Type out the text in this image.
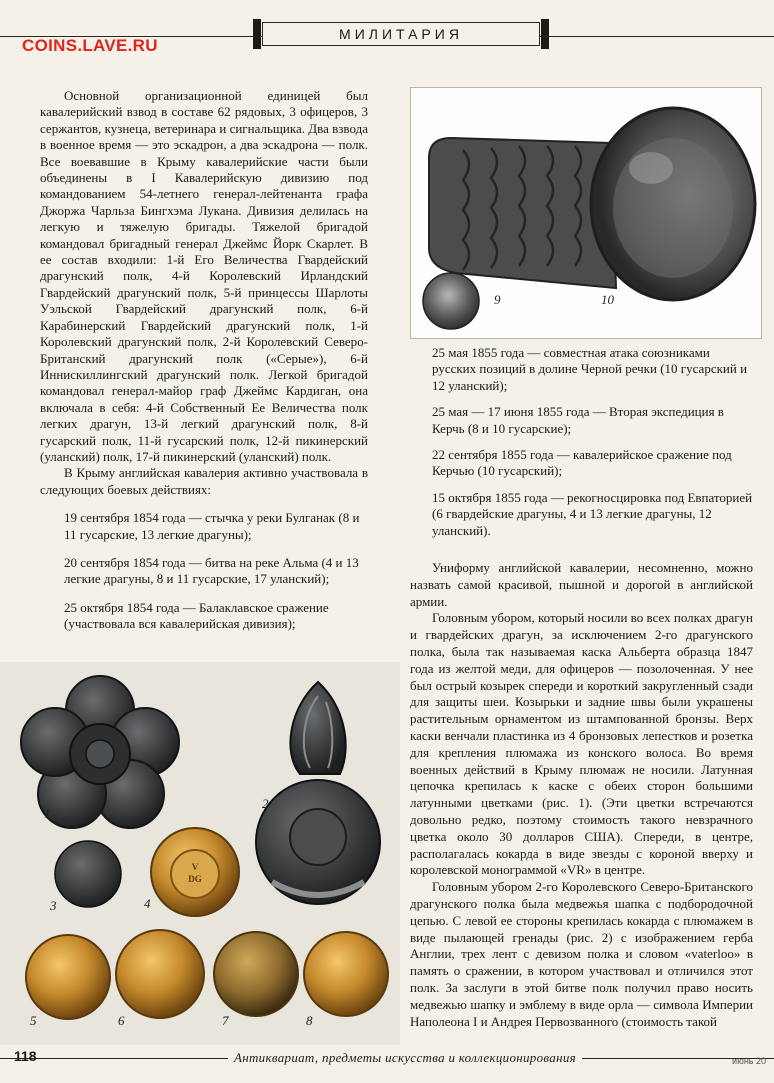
COINS.LAVE.RU
МИЛИТАРИЯ

Основной организационной единицей был кавалерийский взвод в составе 62 рядовых, 3 офицеров, 3 сержантов, кузнеца, ветеринара и сигнальщика. Два взвода в военное время — это эскадрон, а два эскадрона — полк. Все воевавшие в Крыму кавалерийские части были объединены в I Кавалерийскую дивизию под командованием 54-летнего генерал-лейтенанта графа Джоржа Чарльза Бингхэма Лукана. Дивизия делилась на легкую и тяжелую бригады. Тяжелой бригадой командовал бригадный генерал Джеймс Йорк Скарлет. В ее состав входили: 1-й Его Величества Гвардейский драгунский полк, 4-й Королевский Ирландский Гвардейский драгунский полк, 5-й принцессы Шарлоты Уэльской Гвардейский драгунский полк, 6-й Карабинерский Гвардейский драгунский полк, 1-й Королевский драгунский полк, 2-й Королевский Северо-Британский драгунский полк («Серые»), 6-й Иннискиллингский драгунский полк. Легкой бригадой командовал генерал-майор граф Джеймс Кардиган, она включала в себя: 4-й Собственный Ее Величества полк легких драгун, 13-й легкий драгунский полк, 8-й гусарский полк, 11-й гусарский полк, 12-й пикинерский (уланский) полк, 17-й пикинерский (уланский) полк.

В Крыму английская кавалерия активно участвовала в следующих боевых действиях:

19 сентября 1854 года — стычка у реки Булганак (8 и 11 гусарские, 13 легкие драгуны);

20 сентября 1854 года — битва на реке Альма (4 и 13 легкие драгуны, 8 и 11 гусарские, 17 уланский);

25 октября 1854 года — Балаклавское сражение (участвовала вся кавалерийская дивизия);

9	10

25 мая 1855 года — совместная атака союзниками русских позиций в долине Черной речки (10 гусарский и 12 уланский);

25 мая — 17 июня 1855 года — Вторая экспедиция в Керчь (8 и 10 гусарские);

22 сентября 1855 года — кавалерийское сражение под Керчью (10 гусарский);

15 октября 1855 года — рекогносцировка под Евпаторией (6 гвардейские драгуны, 4 и 13 легкие драгуны, 12 уланский).

Униформу английской кавалерии, несомненно, можно назвать самой красивой, пышной и дорогой в английской армии.

Головным убором, который носили во всех полках драгун и гвардейских драгун, за исключением 2-го драгунского полка, была так называемая каска Альберта образца 1847 года из желтой меди, для офицеров — позолоченная. У нее был острый козырек спереди и короткий закругленный сзади для защиты шеи. Козырьки и задние швы были украшены растительным орнаментом из штампованной бронзы. Верх каски венчали пластинка из 4 бронзовых лепестков и розетка для крепления плюмажа из конского волоса. Во время военных действий в Крыму плюмаж не носили. Латунная цепочка крепилась к каске с обеих сторон большими латунными цветками (рис. 1). (Эти цветки встречаются довольно редко, поэтому стоимость такого невзрачного цветка около 30 долларов США). Спереди, в центре, располагалась кокарда в виде звезды с короной вверху и королевской монограммой «VR» в центре.

Головным убором 2-го Королевского Северо-Британского драгунского полка была медвежья шапка с подбородочной цепью. С левой ее стороны крепилась кокарда с плюмажем в виде пылающей гренады (рис. 2) с изображением герба Англии, трех лент с девизом полка и словом «vaterloo» в память о сражении, в котором участвовал и отличился этот полк. За заслуги в этой битве полк получил право носить медвежью шапку и эмблему в виде орла — символа Империи Наполеона I и Андрея Первозванного (стоимость такой

1
2
3
V
DG
4
5	6	7	8
118	Антиквариат, предметы искусства и коллекционирования	июнь 20
